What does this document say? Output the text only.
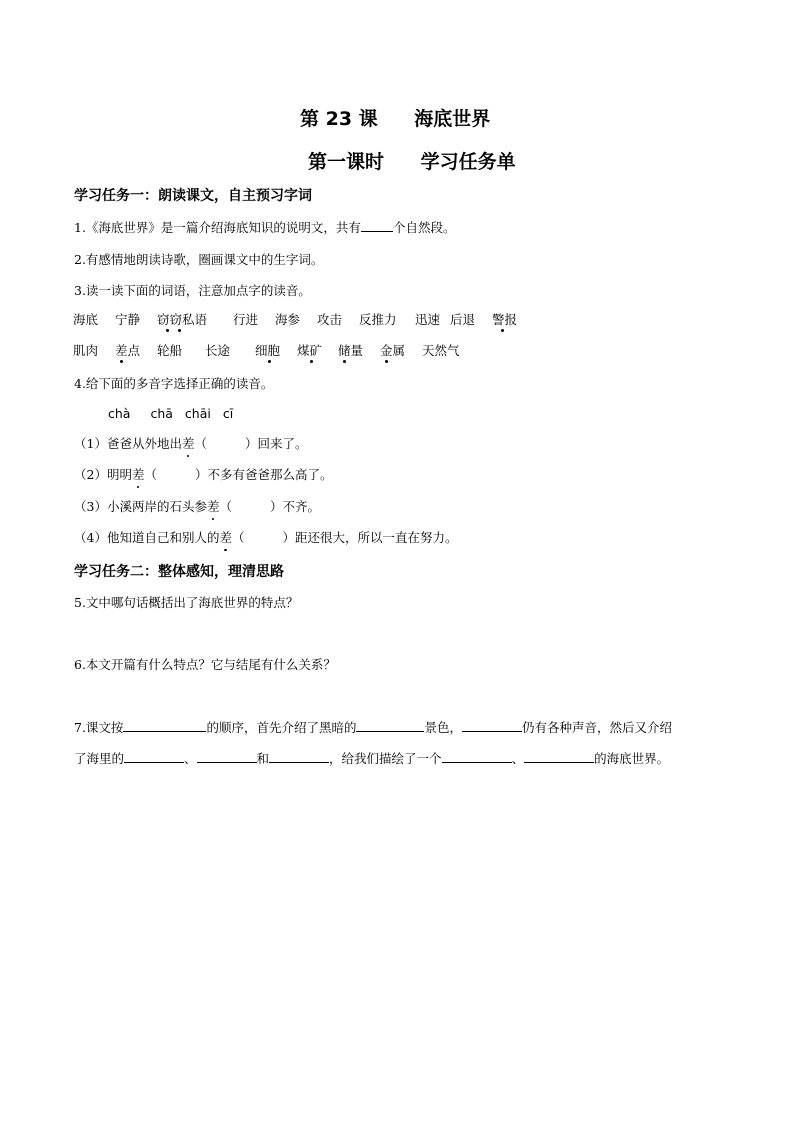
第 23 课 海底世界
第一课时 学习任务单
学习任务一：朗读课文，自主预习字词
1.《海底世界》是一篇介绍海底知识的说明文，共有	个自然段。
2.有感情地朗读诗歌，圈画课文中的生字词。
3.读一读下面的词语，注意加点字的读音。
海底 宁静 窃窃私语 行进 海参 攻击 反推力 迅速 后退 警报
肌肉 差点 轮船 长途 细胞 煤矿 储量 金属 天然气
4.给下面的多音字选择正确的读音。
chà chā chāi cī
（1）爸爸从外地出差（	）回来了。
（2）明明差（	）不多有爸爸那么高了。
（3）小溪两岸的石头参差（	）不齐。
（4）他知道自己和别人的差（	）距还很大，所以一直在努力。
学习任务二：整体感知，理清思路
5.文中哪句话概括出了海底世界的特点？
6.本文开篇有什么特点？它与结尾有什么关系？
7.课文按	的顺序，首先介绍了黑暗的	景色，	仍有各种声音，然后又介绍
了海里的	、	和	，给我们描绘了一个	、	的海底世界。
